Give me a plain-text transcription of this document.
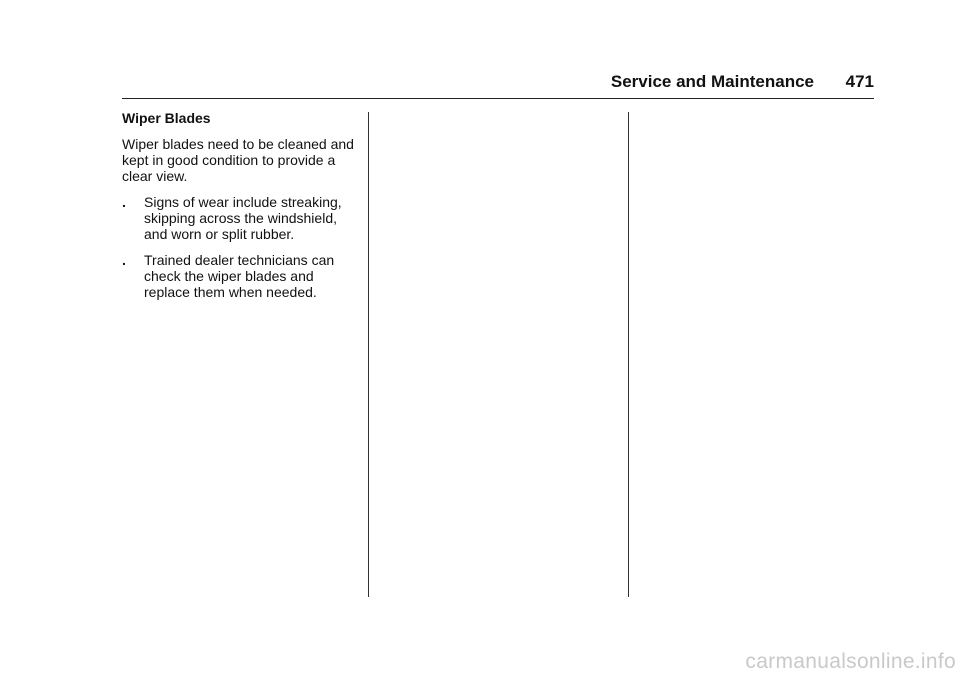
Service and Maintenance 471
Wiper Blades
Wiper blades need to be cleaned and kept in good condition to provide a clear view.
. Signs of wear include streaking, skipping across the windshield, and worn or split rubber.
. Trained dealer technicians can check the wiper blades and replace them when needed.
carmanualsonline.info
